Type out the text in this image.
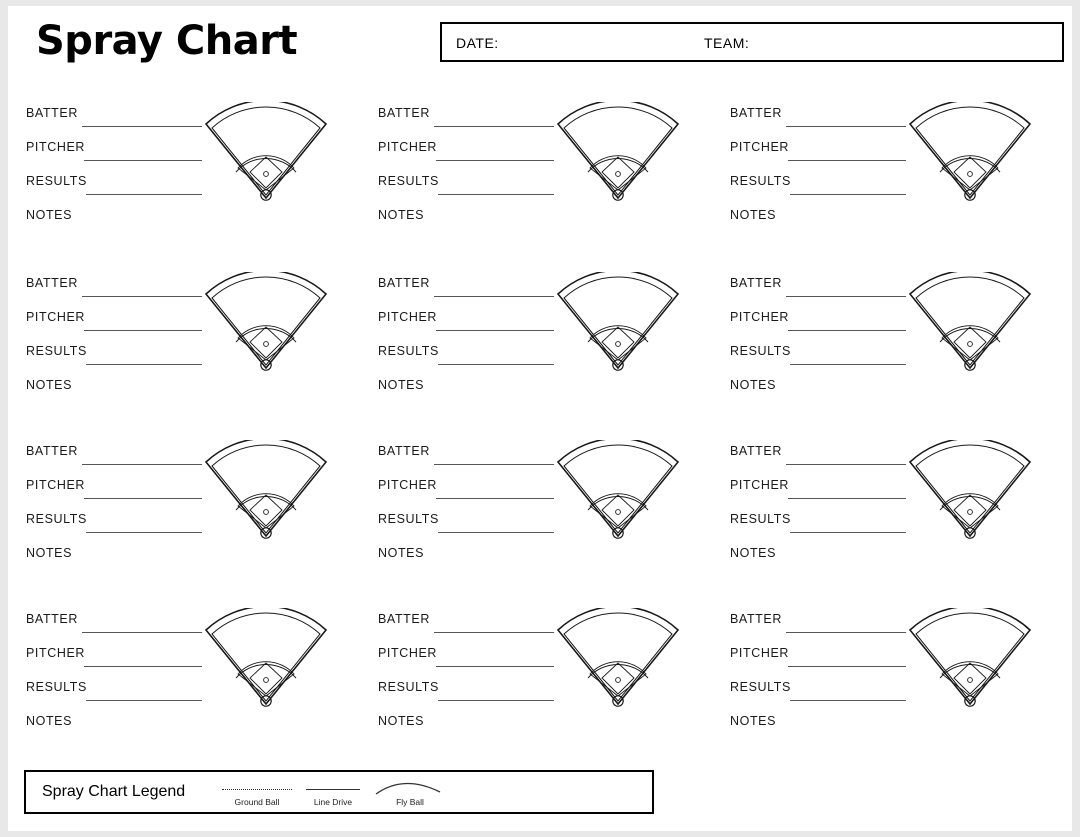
Spray Chart	DATE:	TEAM:
BATTER
PITCHER
RESULTS
NOTES
BATTER
PITCHER
RESULTS
NOTES
BATTER
PITCHER
RESULTS
NOTES
BATTER
PITCHER
RESULTS
NOTES
BATTER
PITCHER
RESULTS
NOTES
BATTER
PITCHER
RESULTS
NOTES
BATTER
PITCHER
RESULTS
NOTES
BATTER
PITCHER
RESULTS
NOTES
BATTER
PITCHER
RESULTS
NOTES
BATTER
PITCHER
RESULTS
NOTES
BATTER
PITCHER
RESULTS
NOTES
BATTER
PITCHER
RESULTS
NOTES
Spray Chart Legend
Ground Ball	Line Drive	Fly Ball
